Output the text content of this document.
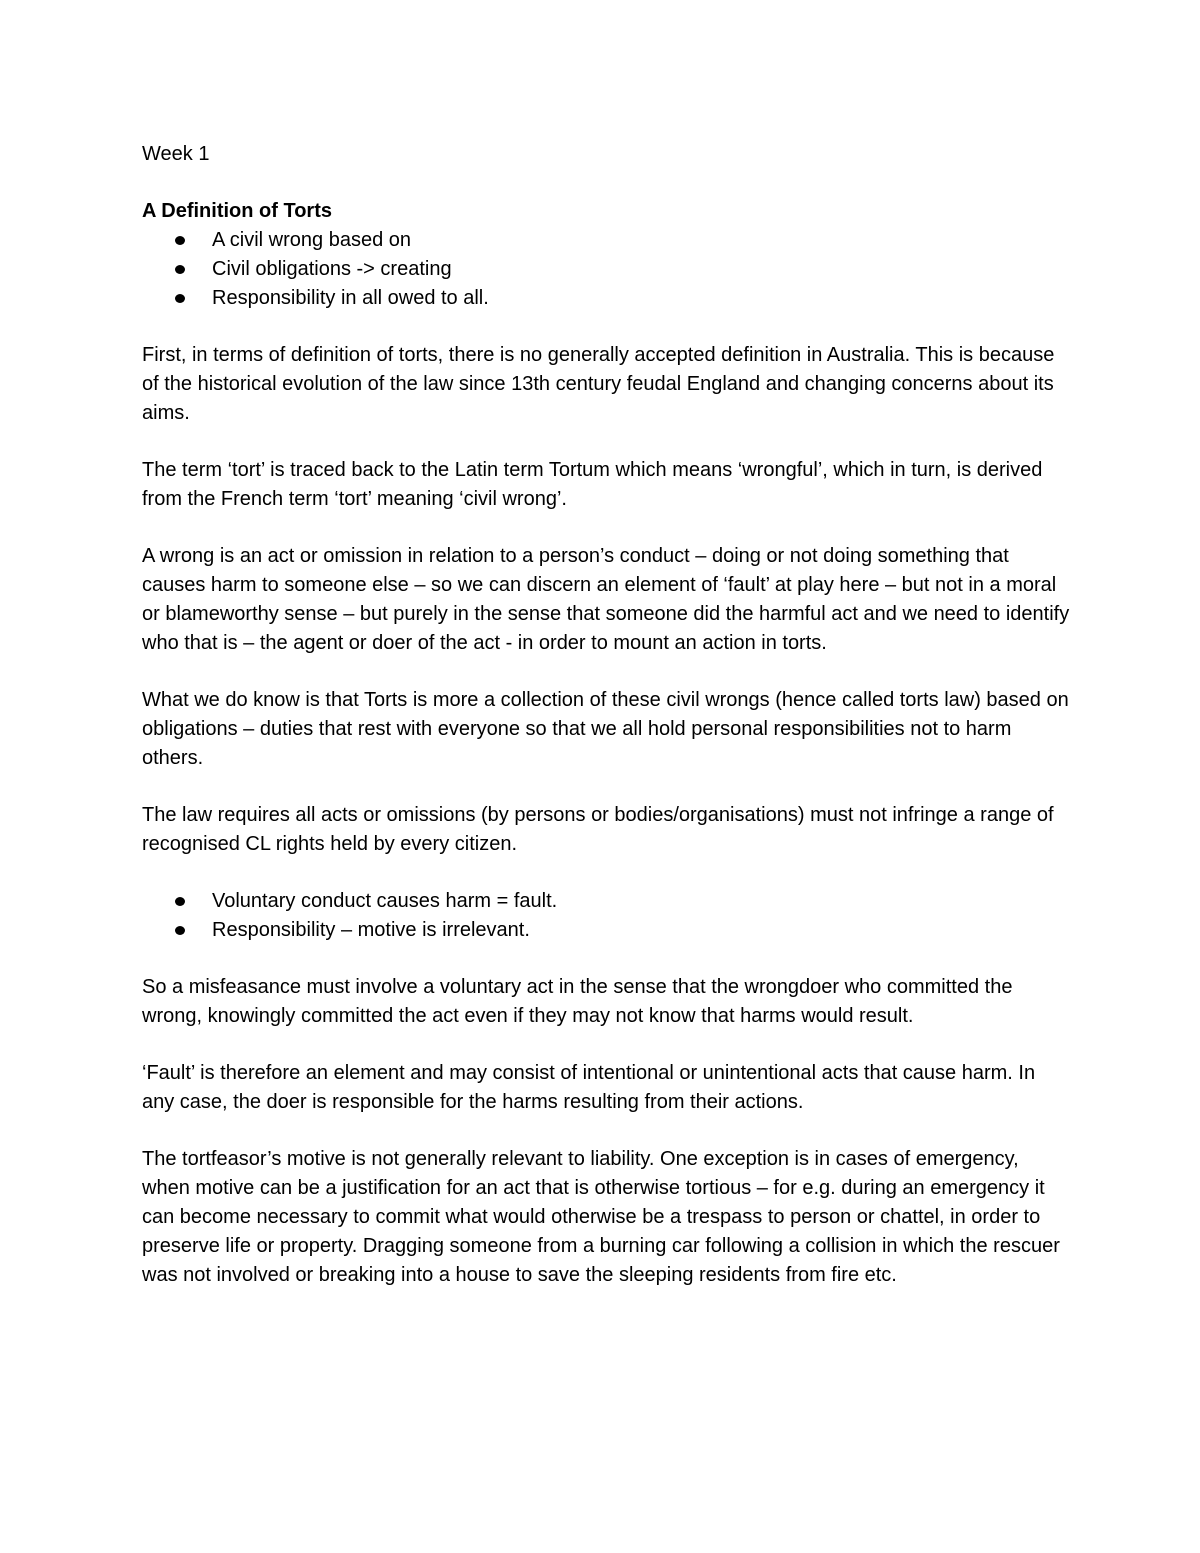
Week 1

A Definition of Torts
A civil wrong based on
Civil obligations -> creating
Responsibility in all owed to all.

First, in terms of definition of torts, there is no generally accepted definition in Australia. This is because of the historical evolution of the law since 13th century feudal England and changing concerns about its aims.

The term ‘tort’ is traced back to the Latin term Tortum which means ‘wrongful’, which in turn, is derived from the French term ‘tort’ meaning ‘civil wrong’.

A wrong is an act or omission in relation to a person’s conduct – doing or not doing something that causes harm to someone else – so we can discern an element of ‘fault’ at play here – but not in a moral or blameworthy sense – but purely in the sense that someone did the harmful act and we need to identify who that is – the agent or doer of the act - in order to mount an action in torts.

What we do know is that Torts is more a collection of these civil wrongs (hence called torts law) based on obligations – duties that rest with everyone so that we all hold personal responsibilities not to harm others.

The law requires all acts or omissions (by persons or bodies/organisations) must not infringe a range of recognised CL rights held by every citizen.

Voluntary conduct causes harm = fault.
Responsibility – motive is irrelevant.

So a misfeasance must involve a voluntary act in the sense that the wrongdoer who committed the wrong, knowingly committed the act even if they may not know that harms would result.

‘Fault’ is therefore an element and may consist of intentional or unintentional acts that cause harm. In any case, the doer is responsible for the harms resulting from their actions.

The tortfeasor’s motive is not generally relevant to liability. One exception is in cases of emergency, when motive can be a justification for an act that is otherwise tortious – for e.g. during an emergency it can become necessary to commit what would otherwise be a trespass to person or chattel, in order to preserve life or property. Dragging someone from a burning car following a collision in which the rescuer was not involved or breaking into a house to save the sleeping residents from fire etc.
